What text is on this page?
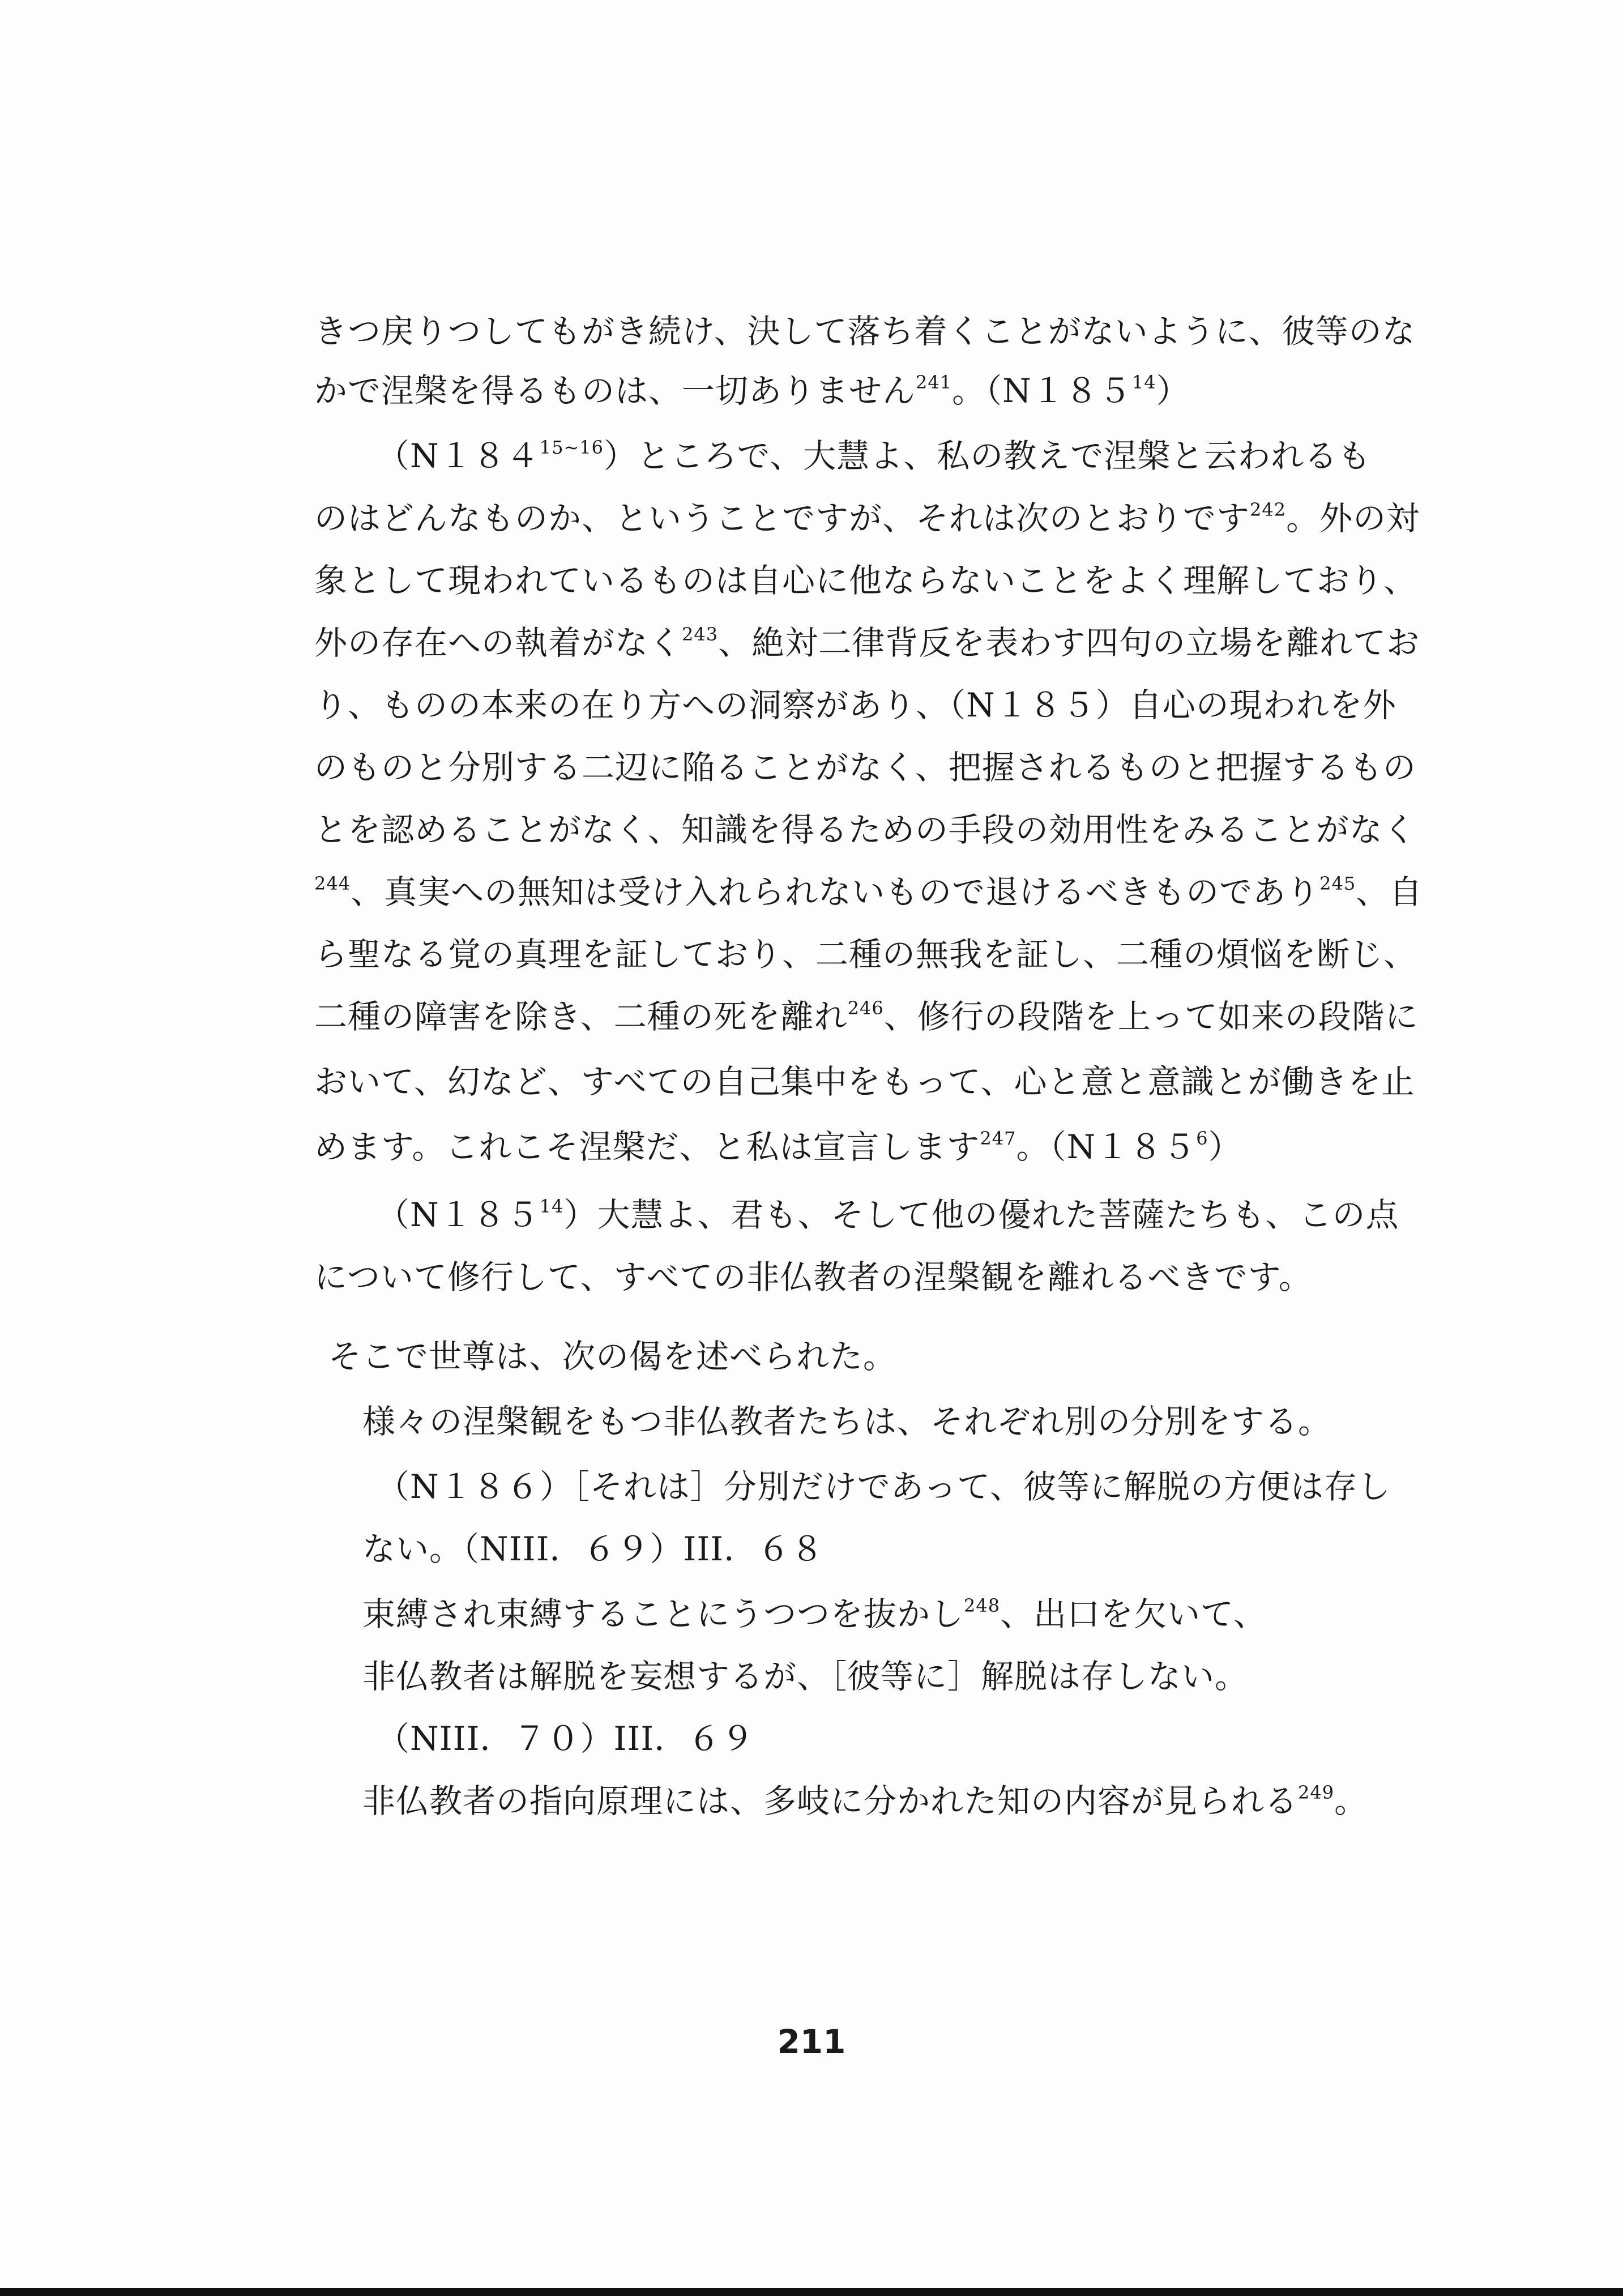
きつ戻りつしてもがき続け、決して落ち着くことがないように、彼等のな
かで涅槃を得るものは、一切ありません$^{241}$。$(N185^{14})$
$(N184^{15\sim 16})$ところで、大慧よ、私の教えで涅槃と云われるも
のはどんなものか、ということですが、それは次のとおりです$^{242}$。外の対
象として現われているものは自心に他ならないことをよく理解しており、
外の存在への執着がなく$^{243}$、絶対二律背反を表わす四句の立場を離れてお
り、ものの本来の在り方への洞察があり、（N１８５）自心の現われを外
のものと分別する二辺に陥ることがなく、把握されるものと把握するもの
とを認めることがなく、知識を得るための手段の効用性をみることがなく
$^{244}$、真実への無知は受け入れられないもので退けるべきものであり$^{245}$、自
ら聖なる覚の真理を証しており、二種の無我を証し、二種の煩悩を断じ、
二種の障害を除き、二種の死を離れ$^{246}$、修行の段階を上って如来の段階に
おいて、幻など、すべての自己集中をもって、心と意と意識とが働きを止
めます。これこそ涅槃だ、と私は宣言します$^{247}$。$(N185^6)$
$(N185^{14})$大慧よ、君も、そして他の優れた菩薩たちも、この点
について修行して、すべての非仏教者の涅槃観を離れるべきです。
そこで世尊は、次の偈を述べられた。
様々の涅槃観をもつ非仏教者たちは、それぞれ別の分別をする。
（N１８６）［それは］分別だけであって、彼等に解脱の方便は存し
ない。（NIII．６９）III．６８
束縛され束縛することにうつつを抜かし$^{248}$、出口を欠いて、
非仏教者は解脱を妄想するが、［彼等に］解脱は存しない。
（NIII．７０）III．６９
非仏教者の指向原理には、多岐に分かれた知の内容が見られる$^{249}$。
211
